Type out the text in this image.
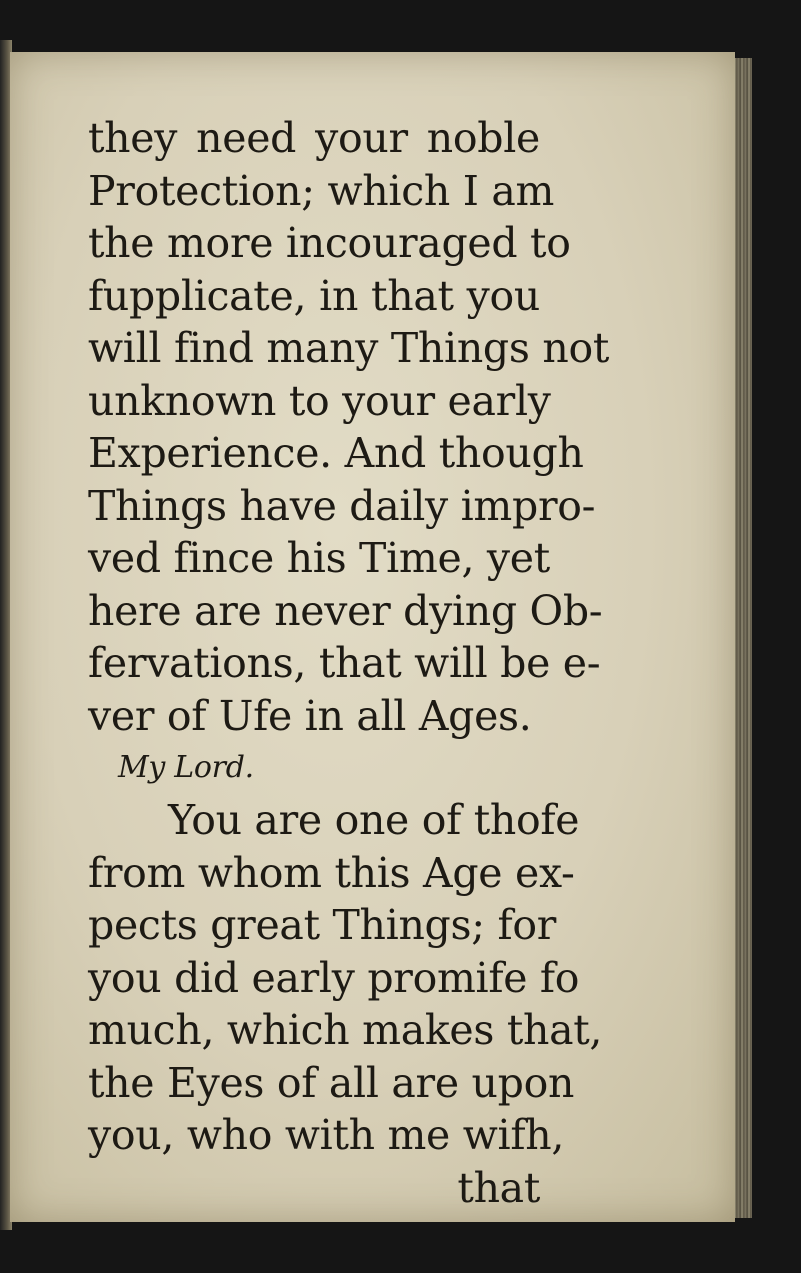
they need your noble
Protection; which I am
the more incouraged to
fupplicate, in that you
will find many Things not
unknown to your early
Experience. And though
Things have daily impro-
ved fince his Time, yet
here are never dying Ob-
fervations, that will be e-
ver of Ufe in all Ages.
My Lord.
You are one of thofe
from whom this Age ex-
pects great Things; for
you did early promife fo
much, which makes that,
the Eyes of all are upon
you, who with me wifh,
that
